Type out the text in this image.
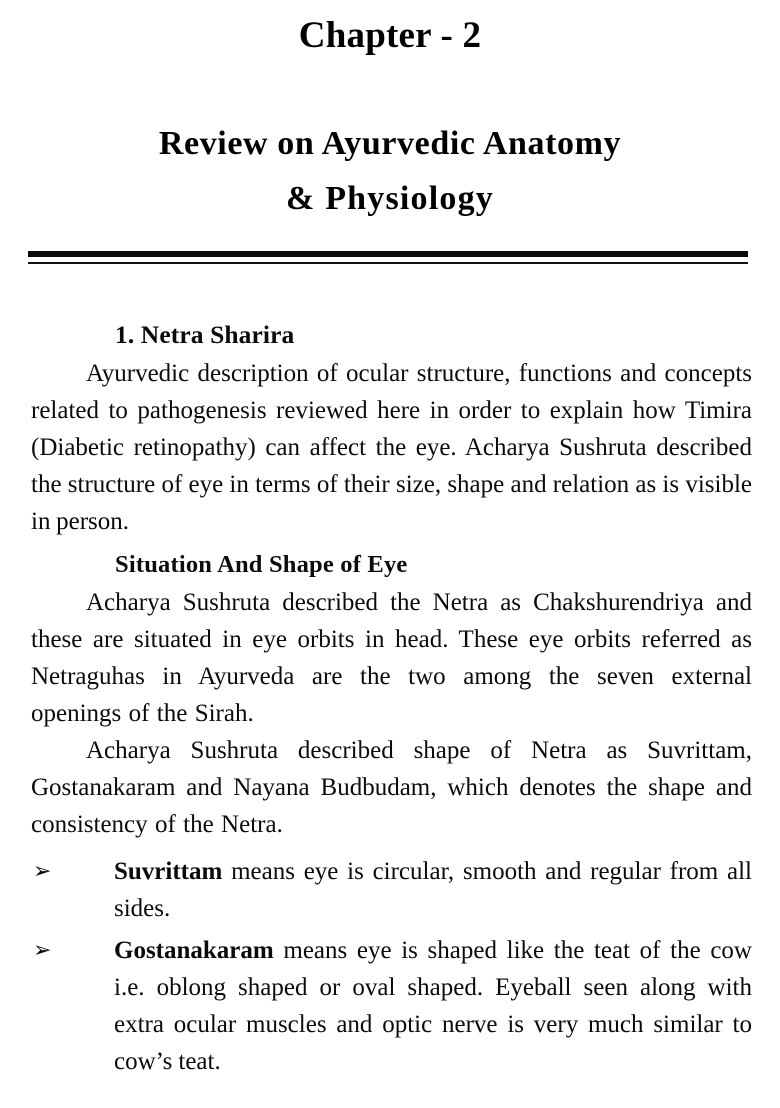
Chapter - 2
Review on Ayurvedic Anatomy
& Physiology
1. Netra Sharira

Ayurvedic description of ocular structure, functions and concepts related to pathogenesis reviewed here in order to explain how Timira (Diabetic retinopathy) can affect the eye. Acharya Sushruta described the structure of eye in terms of their size, shape and relation as is visible in person.

Situation And Shape of Eye

Acharya Sushruta described the Netra as Chakshurendriya and these are situated in eye orbits in head. These eye orbits referred as Netraguhas in Ayurveda are the two among the seven external openings of the Sirah.

Acharya Sushruta described shape of Netra as Suvrittam, Gostanakaram and Nayana Budbudam, which denotes the shape and consistency of the Netra.

➢	Suvrittam means eye is circular, smooth and regular from all sides.
➢	Gostanakaram means eye is shaped like the teat of the cow i.e. oblong shaped or oval shaped. Eyeball seen along with extra ocular muscles and optic nerve is very much similar to cow’s teat.
